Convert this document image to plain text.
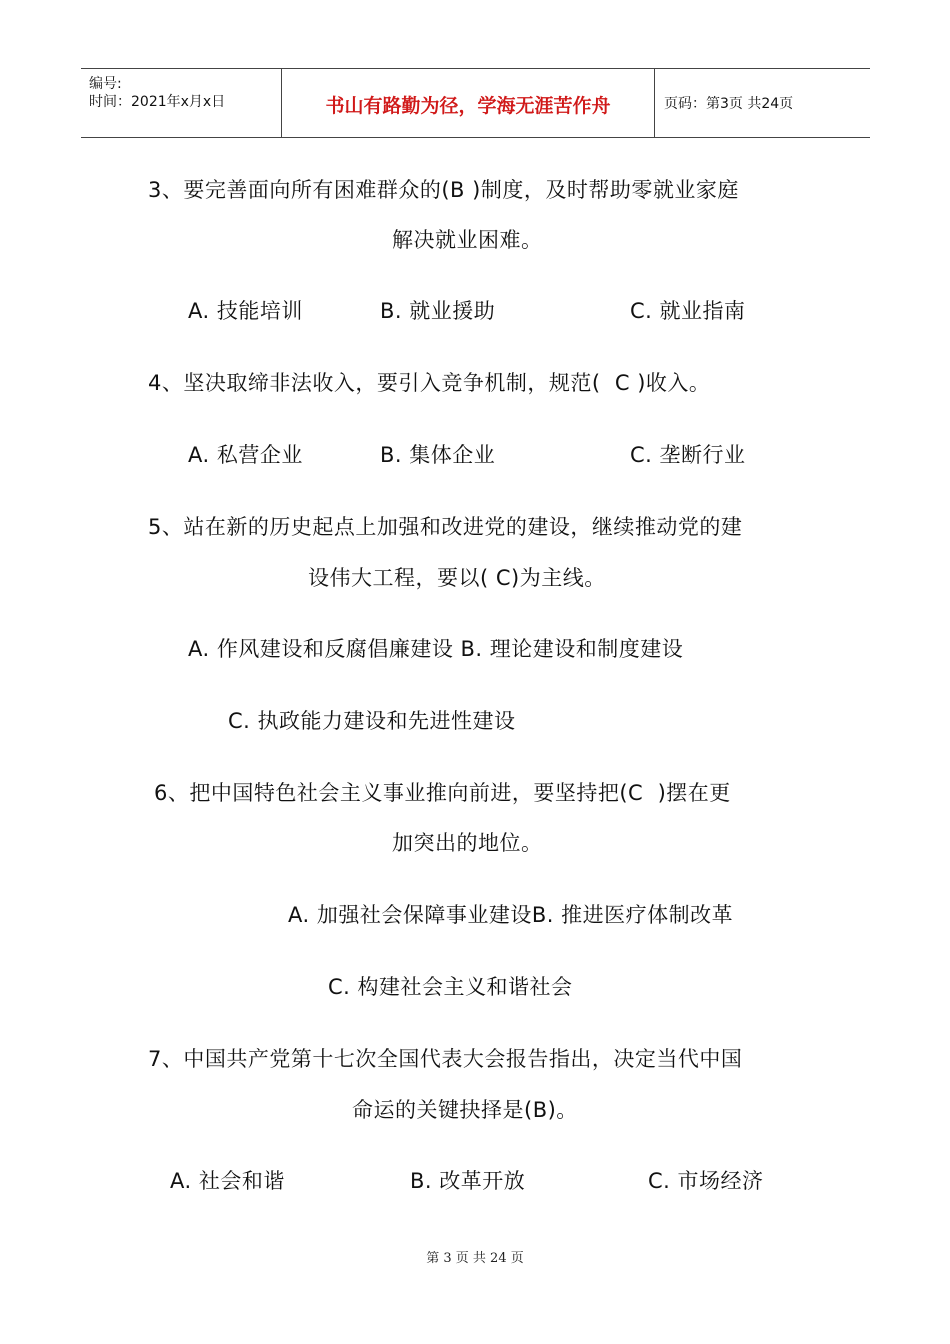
编号:
时间：2021年x月x日	书山有路勤为径，学海无涯苦作舟	页码：第3页 共24页
3、要完善面向所有困难群众的(B )制度，及时帮助零就业家庭
解决就业困难。
A. 技能培训	B. 就业援助	C. 就业指南
4、坚决取缔非法收入，要引入竞争机制，规范(  C )收入。
A. 私营企业	B. 集体企业	C. 垄断行业
5、站在新的历史起点上加强和改进党的建设，继续推动党的建
设伟大工程，要以( C)为主线。
A. 作风建设和反腐倡廉建设 B. 理论建设和制度建设
C. 执政能力建设和先进性建设
6、把中国特色社会主义事业推向前进，要坚持把(C  )摆在更
加突出的地位。
A. 加强社会保障事业建设B. 推进医疗体制改革
C. 构建社会主义和谐社会
7、中国共产党第十七次全国代表大会报告指出，决定当代中国
命运的关键抉择是(B)。
A. 社会和谐	B. 改革开放	C. 市场经济
第 3 页 共 24 页
